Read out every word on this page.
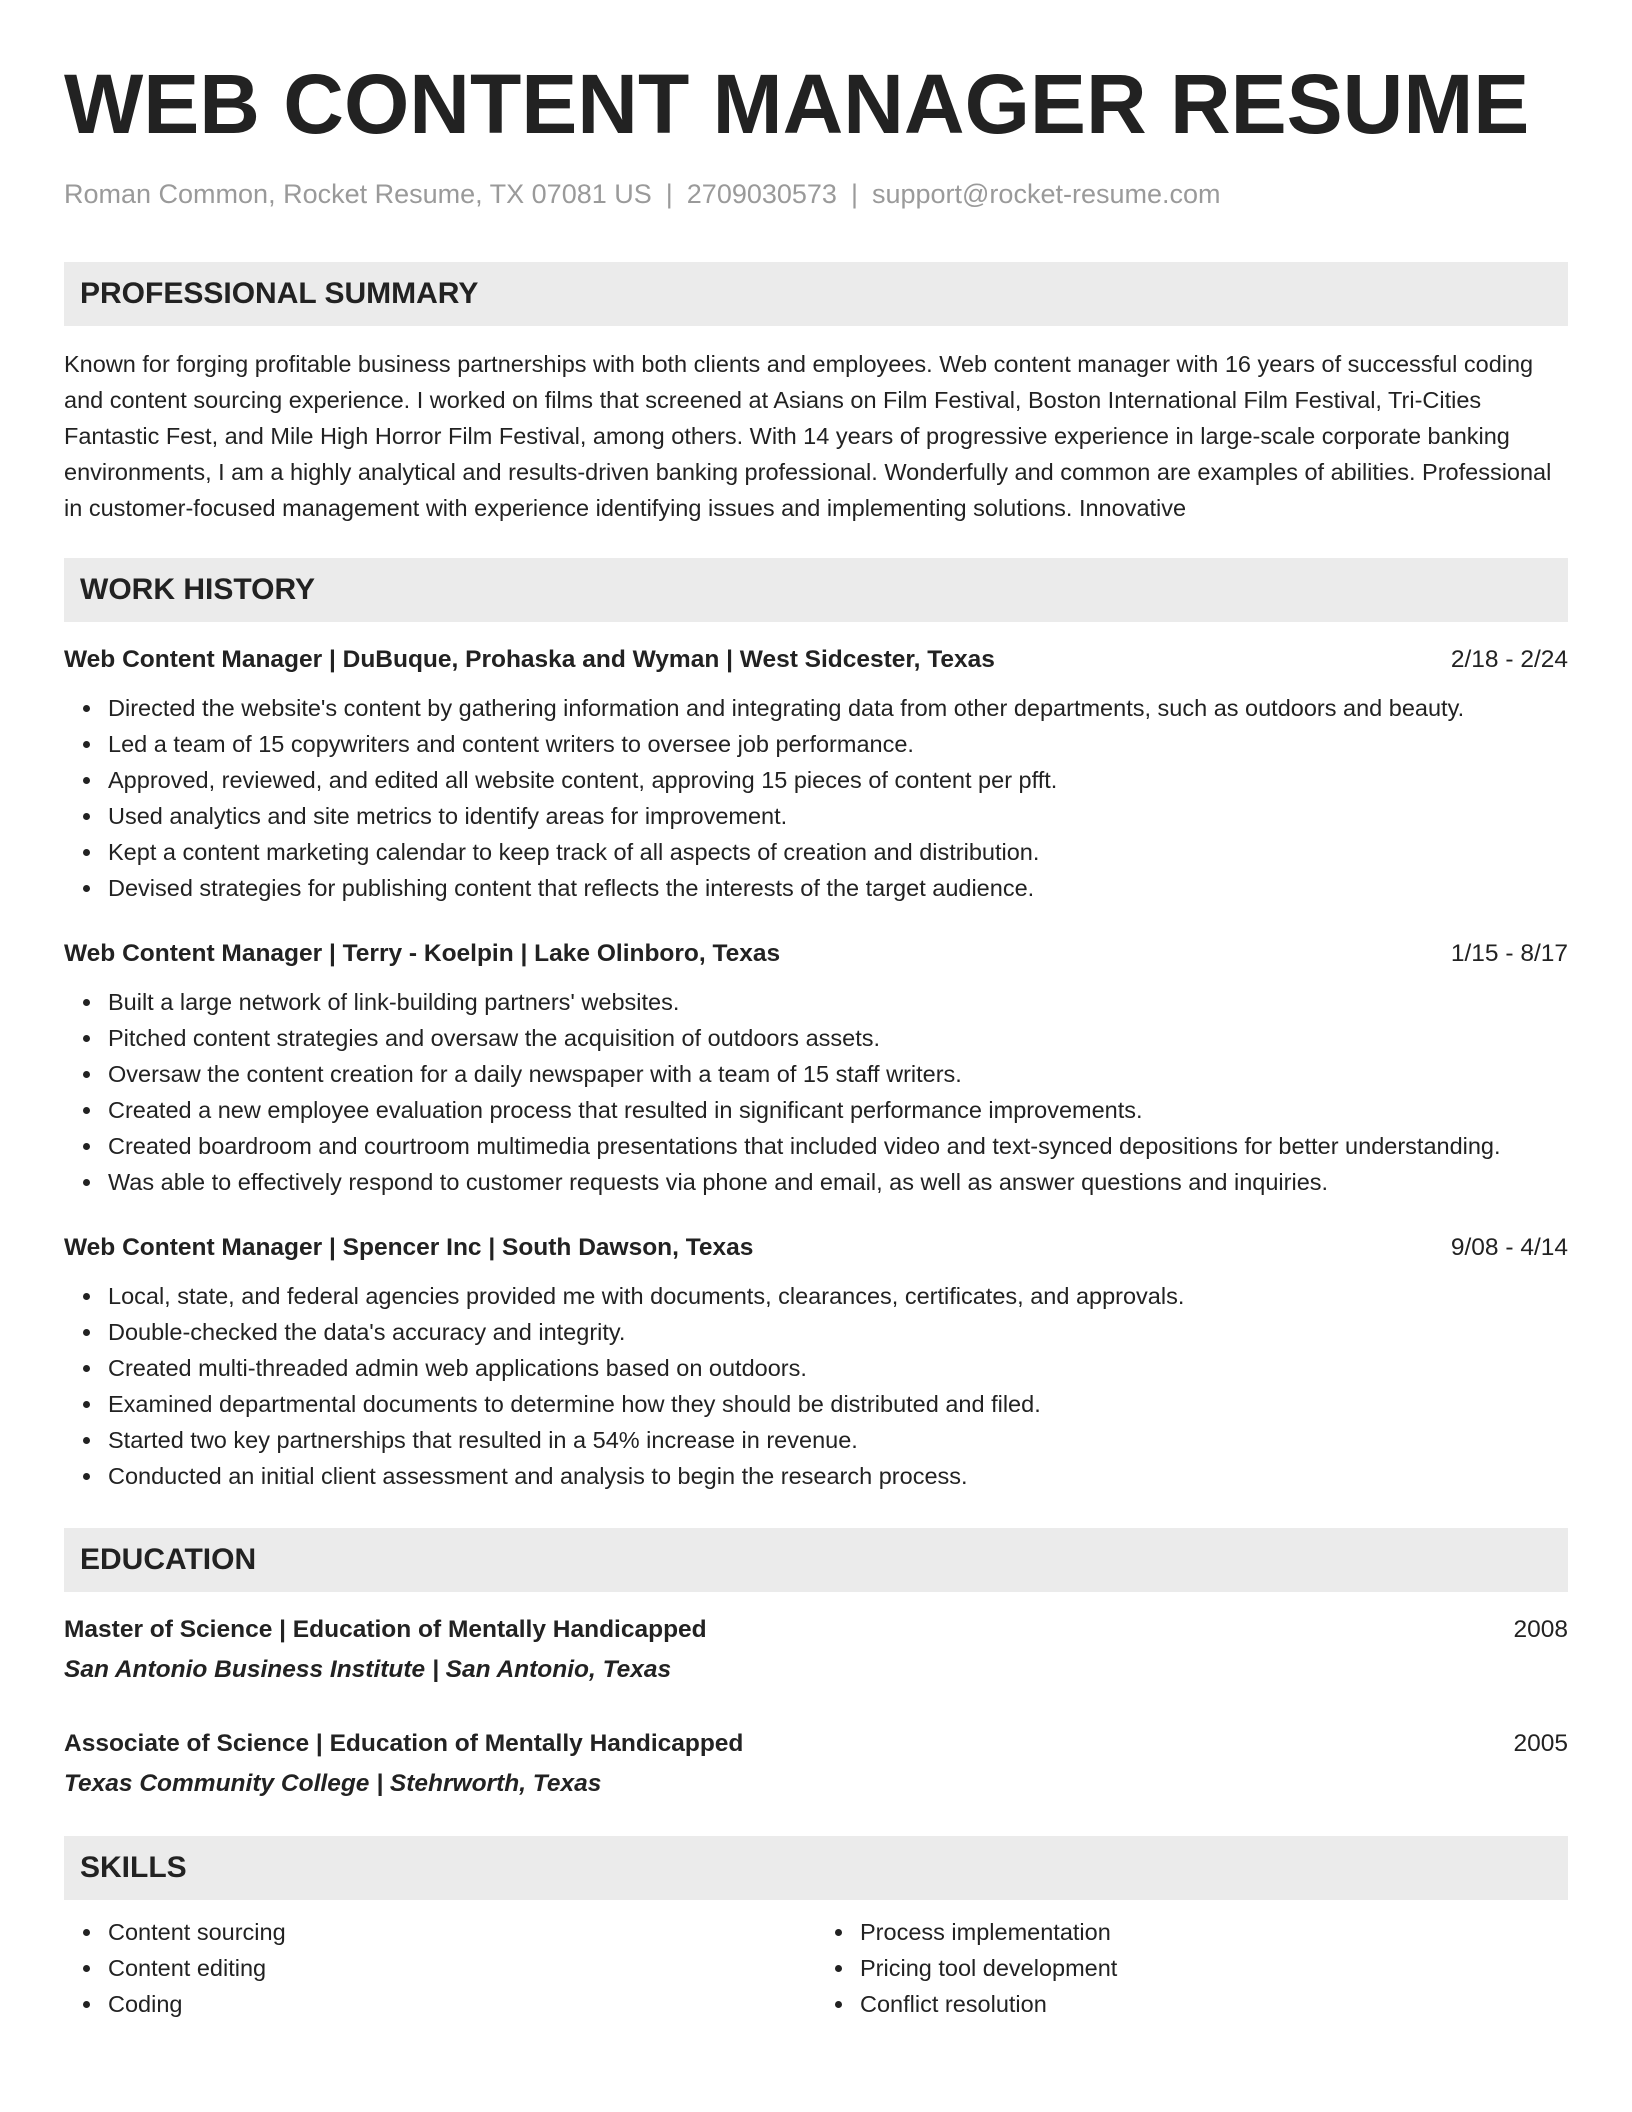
WEB CONTENT MANAGER RESUME
Roman Common, Rocket Resume, TX 07081 US | 2709030573 | support@rocket-resume.com
PROFESSIONAL SUMMARY
Known for forging profitable business partnerships with both clients and employees. Web content manager with 16 years of successful coding and content sourcing experience. I worked on films that screened at Asians on Film Festival, Boston International Film Festival, Tri-Cities Fantastic Fest, and Mile High Horror Film Festival, among others. With 14 years of progressive experience in large-scale corporate banking environments, I am a highly analytical and results-driven banking professional. Wonderfully and common are examples of abilities. Professional in customer-focused management with experience identifying issues and implementing solutions. Innovative
WORK HISTORY
Web Content Manager | DuBuque, Prohaska and Wyman | West Sidcester, Texas	2/18 - 2/24
Directed the website's content by gathering information and integrating data from other departments, such as outdoors and beauty.
Led a team of 15 copywriters and content writers to oversee job performance.
Approved, reviewed, and edited all website content, approving 15 pieces of content per pfft.
Used analytics and site metrics to identify areas for improvement.
Kept a content marketing calendar to keep track of all aspects of creation and distribution.
Devised strategies for publishing content that reflects the interests of the target audience.
Web Content Manager | Terry - Koelpin | Lake Olinboro, Texas	1/15 - 8/17
Built a large network of link-building partners' websites.
Pitched content strategies and oversaw the acquisition of outdoors assets.
Oversaw the content creation for a daily newspaper with a team of 15 staff writers.
Created a new employee evaluation process that resulted in significant performance improvements.
Created boardroom and courtroom multimedia presentations that included video and text-synced depositions for better understanding.
Was able to effectively respond to customer requests via phone and email, as well as answer questions and inquiries.
Web Content Manager | Spencer Inc | South Dawson, Texas	9/08 - 4/14
Local, state, and federal agencies provided me with documents, clearances, certificates, and approvals.
Double-checked the data's accuracy and integrity.
Created multi-threaded admin web applications based on outdoors.
Examined departmental documents to determine how they should be distributed and filed.
Started two key partnerships that resulted in a 54% increase in revenue.
Conducted an initial client assessment and analysis to begin the research process.
EDUCATION
Master of Science | Education of Mentally Handicapped	2008
San Antonio Business Institute | San Antonio, Texas
Associate of Science | Education of Mentally Handicapped	2005
Texas Community College | Stehrworth, Texas
SKILLS
Content sourcing
Content editing
Coding
Process implementation
Pricing tool development
Conflict resolution
